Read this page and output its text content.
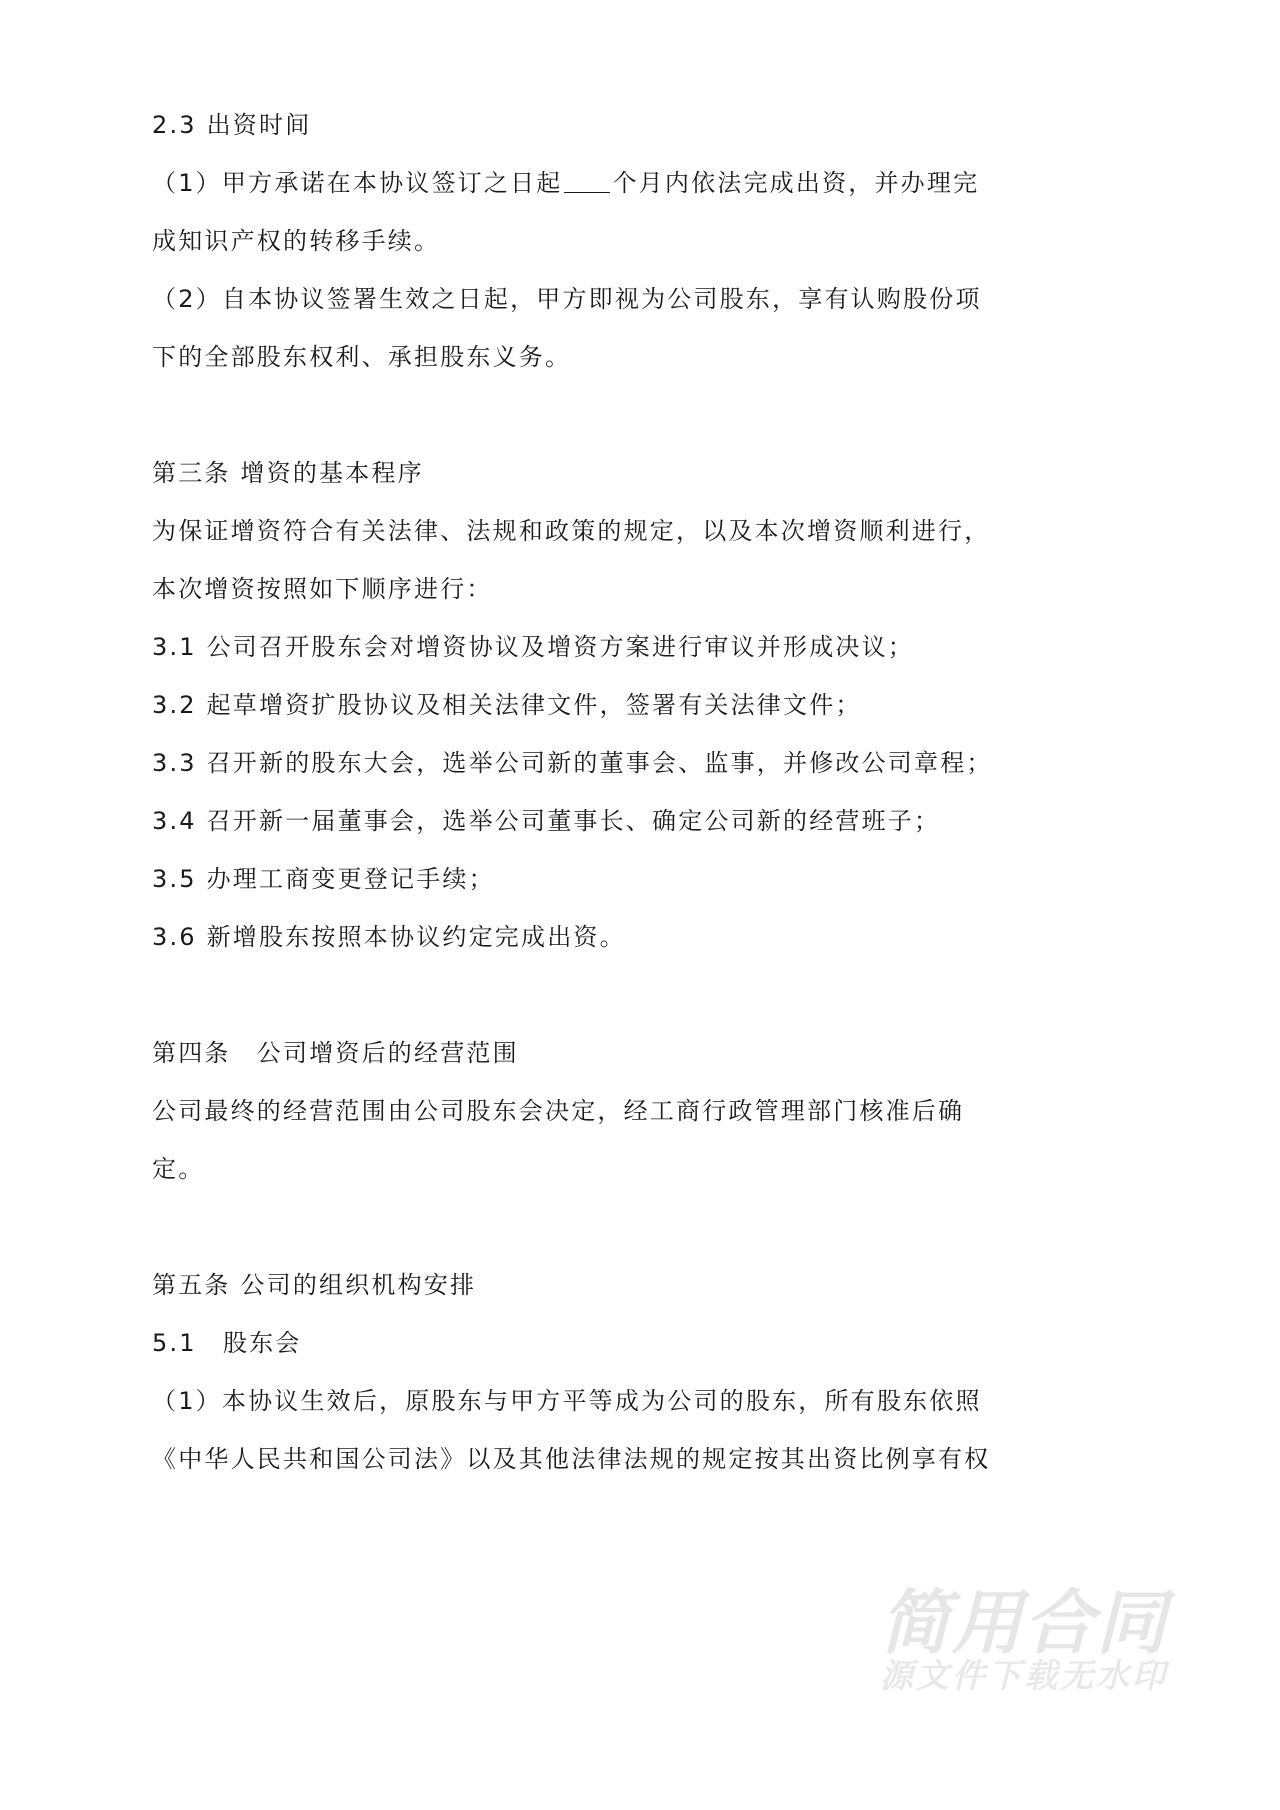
简用合同
源文件下载无水印
2.3 出资时间
（1）甲方承诺在本协议签订之日起 个月内依法完成出资，并办理完
成知识产权的转移手续。
（2）自本协议签署生效之日起，甲方即视为公司股东，享有认购股份项
下的全部股东权利、承担股东义务。
第三条 增资的基本程序
为保证增资符合有关法律、法规和政策的规定，以及本次增资顺利进行，
本次增资按照如下顺序进行：
3.1 公司召开股东会对增资协议及增资方案进行审议并形成决议；
3.2 起草增资扩股协议及相关法律文件，签署有关法律文件；
3.3 召开新的股东大会，选举公司新的董事会、监事，并修改公司章程；
3.4 召开新一届董事会，选举公司董事长、确定公司新的经营班子；
3.5 办理工商变更登记手续；
3.6 新增股东按照本协议约定完成出资。
第四条　公司增资后的经营范围
公司最终的经营范围由公司股东会决定，经工商行政管理部门核准后确
定。
第五条 公司的组织机构安排
5.1　股东会
（1）本协议生效后，原股东与甲方平等成为公司的股东，所有股东依照
《中华人民共和国公司法》以及其他法律法规的规定按其出资比例享有权
